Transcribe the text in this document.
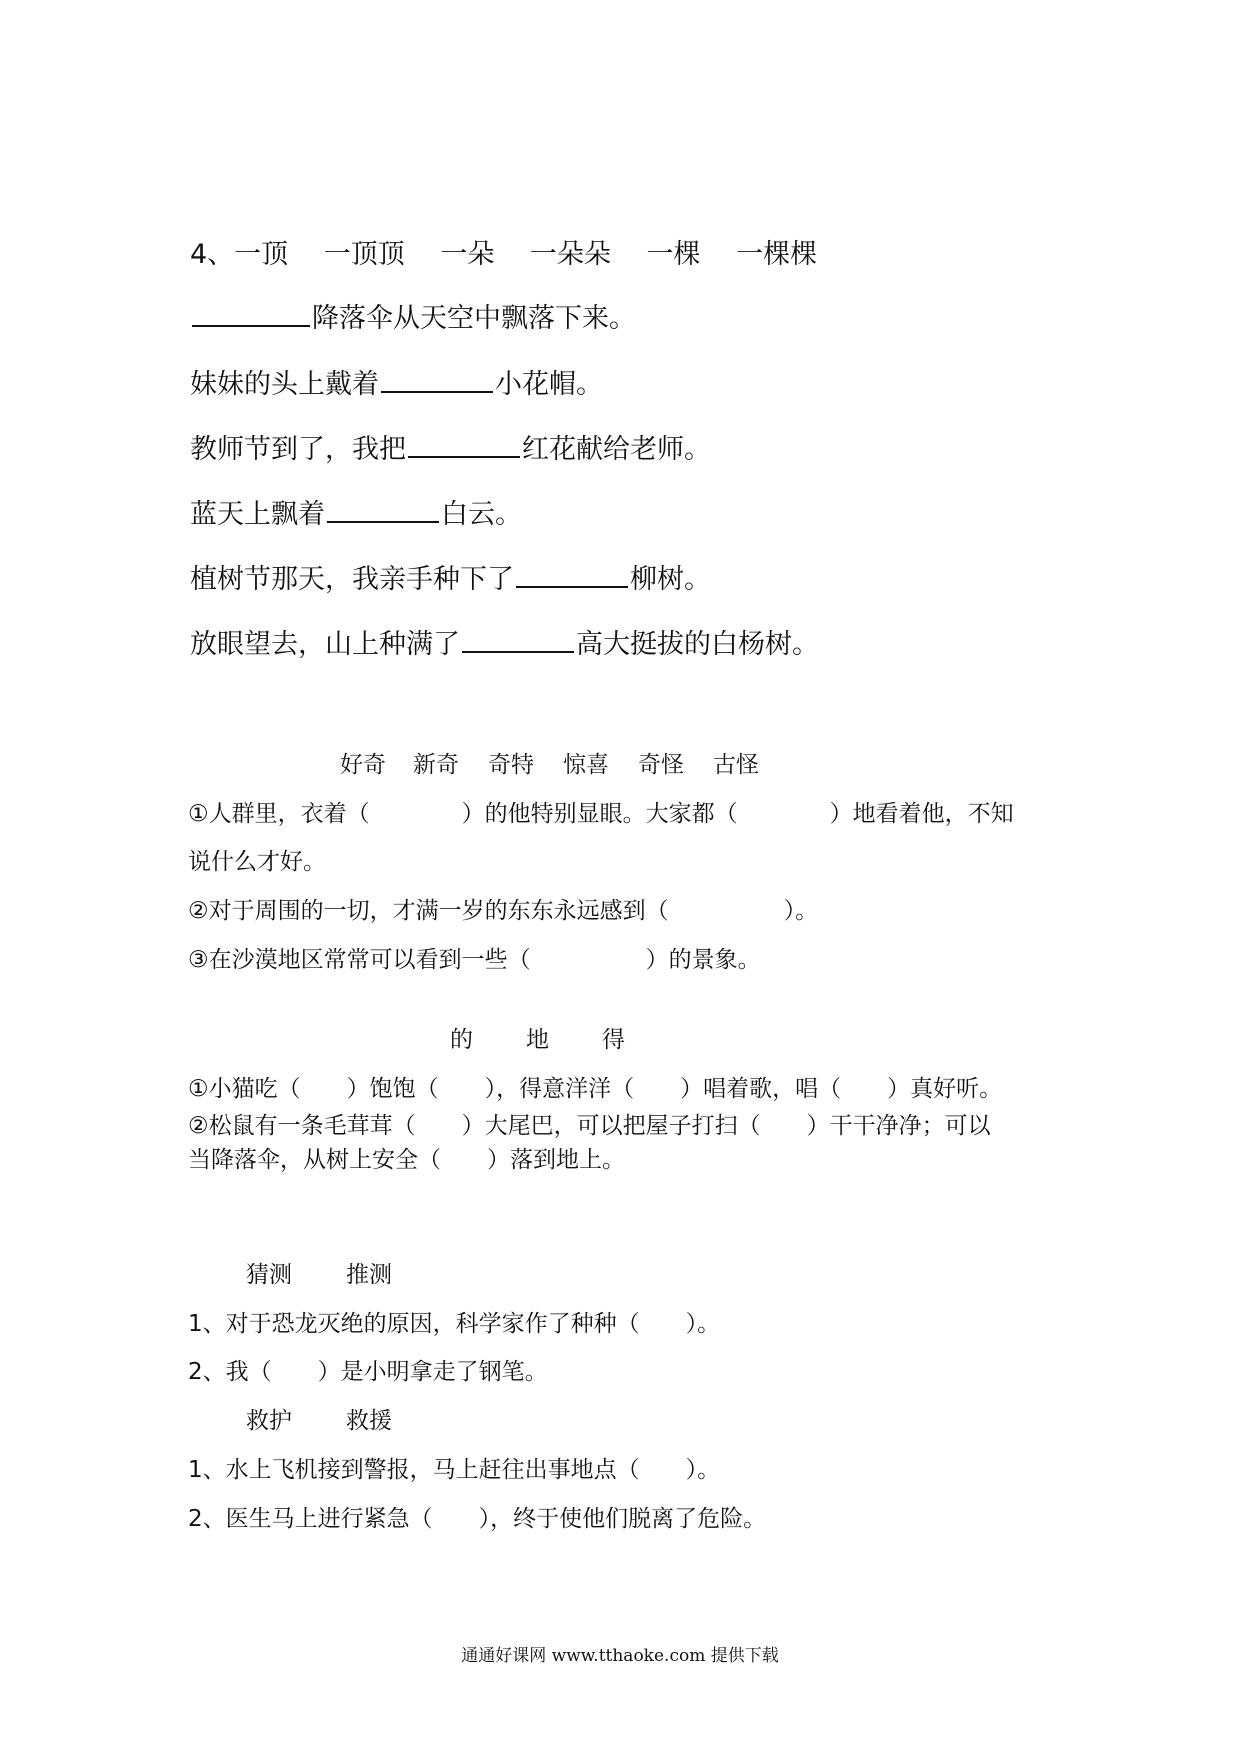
4、一顶　 一顶顶　 一朵　 一朵朵　 一棵　 一棵棵
降落伞从天空中飘落下来。
妹妹的头上戴着	小花帽。
教师节到了，我把	红花献给老师。
蓝天上飘着	白云。
植树节那天，我亲手种下了	柳树。
放眼望去，山上种满了	高大挺拔的白杨树。
好奇 新奇 奇特 惊喜 奇怪 古怪
①人群里，衣着（　　　　）的他特别显眼。大家都（　　　　）地看着他，不知
说什么才好。
②对于周围的一切，才满一岁的东东永远感到（　　　　　）。
③在沙漠地区常常可以看到一些（　　　　　）的景象。
的 地 得
①小猫吃（　　）饱饱（　　），得意洋洋（　　）唱着歌，唱（　　）真好听。
②松鼠有一条毛茸茸（　　）大尾巴，可以把屋子打扫（　　）干干净净；可以
当降落伞，从树上安全（　　）落到地上。
猜测 推测
1、对于恐龙灭绝的原因，科学家作了种种（　　）。
2、我（　　）是小明拿走了钢笔。
救护 救援
1、水上飞机接到警报，马上赶往出事地点（　　）。
2、医生马上进行紧急（　　），终于使他们脱离了危险。
通通好课网 www.tthaoke.com 提供下载
